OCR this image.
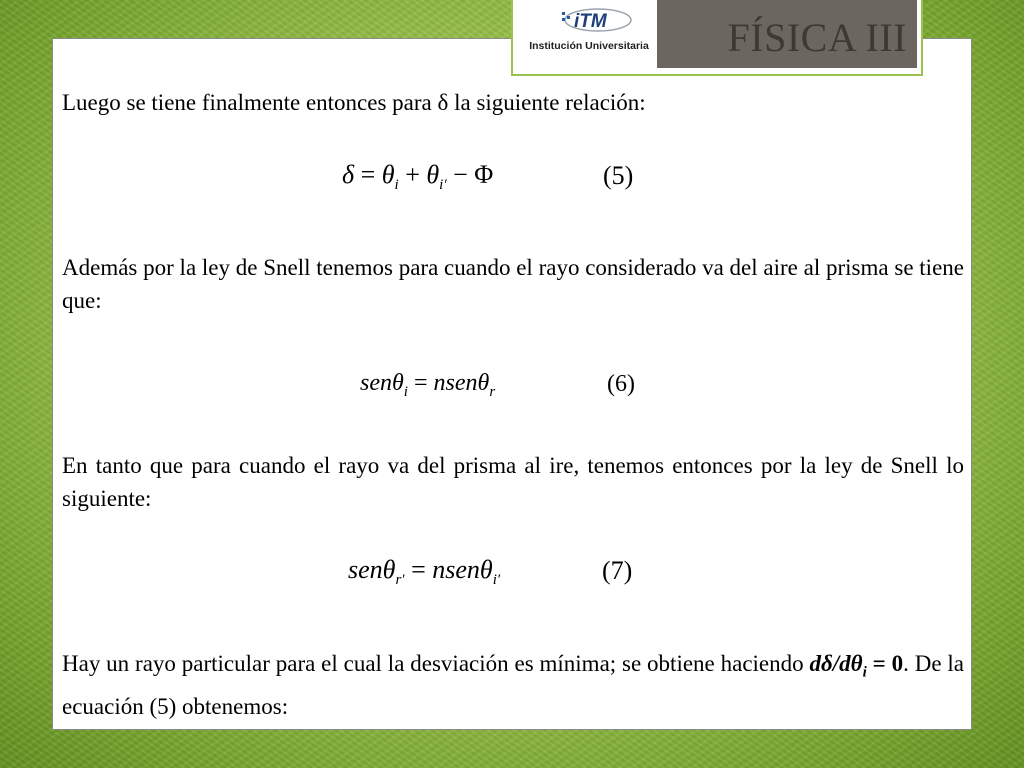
iTM
Institución Universitaria FÍSICA III

Luego se tiene finalmente entonces para δ la siguiente relación:

$\delta = \theta_i + \theta_{i'} - \Phi$	(5)

Además por la ley de Snell tenemos para cuando el rayo considerado va del aire al prisma se tiene que:

senθ$_i$ = nsenθ$_r$	(6)

En tanto que para cuando el rayo va del prisma al ire, tenemos entonces por la ley de Snell lo siguiente:

senθ$_{r'}$ = nsenθ$_{i'}$	(7)

Hay un rayo particular para el cual la desviación es mínima; se obtiene haciendo $d\delta/d\theta_i = 0$. De la ecuación (5) obtenemos:
